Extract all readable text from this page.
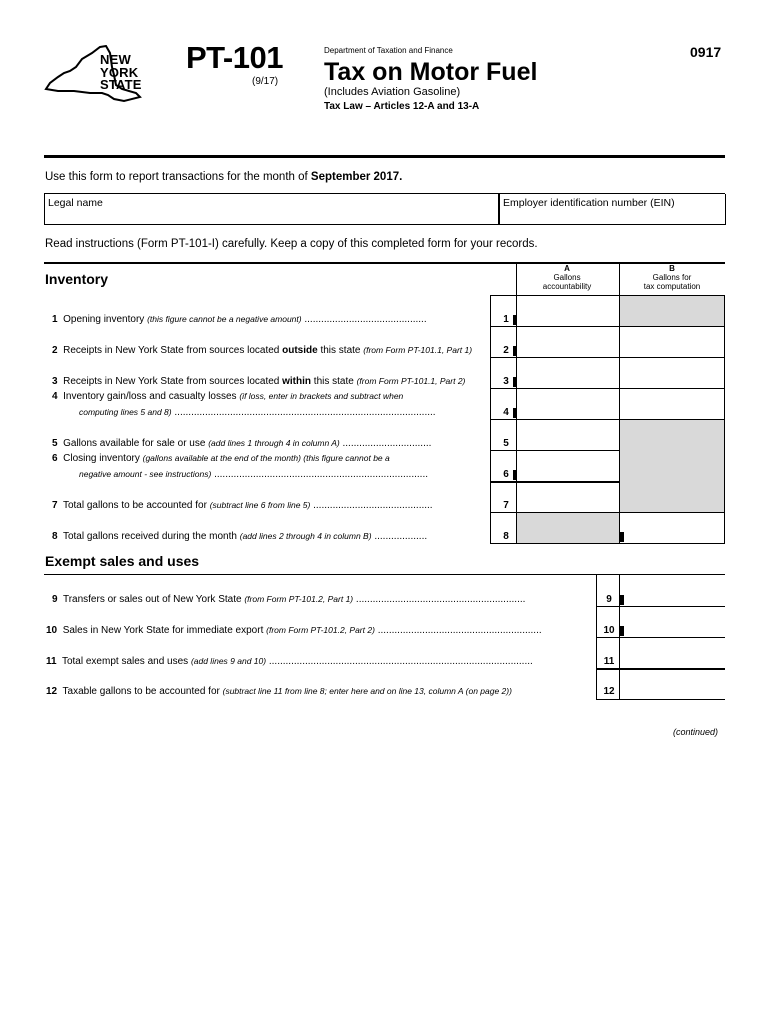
NEW
YORK
STATE
PT-101
(9/17)
Department of Taxation and Finance
Tax on Motor Fuel
(Includes Aviation Gasoline)
Tax Law – Articles 12-A and 13-A
0917
Use this form to report transactions for the month of September 2017.
Legal name	Employer identification number (EIN)
Read instructions (Form PT-101-I) carefully. Keep a copy of this completed form for your records.
Inventory
A
Gallons
accountability
B
Gallons for
tax computation
1
2
3
4
5
6
7
8
1 Opening inventory (this figure cannot be a negative amount) ............................................
2 Receipts in New York State from sources located outside this state (from Form PT-101.1, Part 1)
3 Receipts in New York State from sources located within this state (from Form PT-101.1, Part 2)
4 Inventory gain/loss and casualty losses (if loss, enter in brackets and subtract when
computing lines 5 and 8) ..............................................................................................
5 Gallons available for sale or use (add lines 1 through 4 in column A) ................................
6 Closing inventory (gallons available at the end of the month) (this figure cannot be a
negative amount - see instructions) .............................................................................
7 Total gallons to be accounted for (subtract line 6 from line 5) ...........................................
8 Total gallons received during the month (add lines 2 through 4 in column B) ...................
Exempt sales and uses
9
10
11
12
9 Transfers or sales out of New York State (from Form PT-101.2, Part 1) .............................................................
10 Sales in New York State for immediate export (from Form PT-101.2, Part 2) ...........................................................
11 Total exempt sales and uses (add lines 9 and 10) ...............................................................................................
12 Taxable gallons to be accounted for (subtract line 11 from line 8; enter here and on line 13, column A (on page 2))
(continued)
